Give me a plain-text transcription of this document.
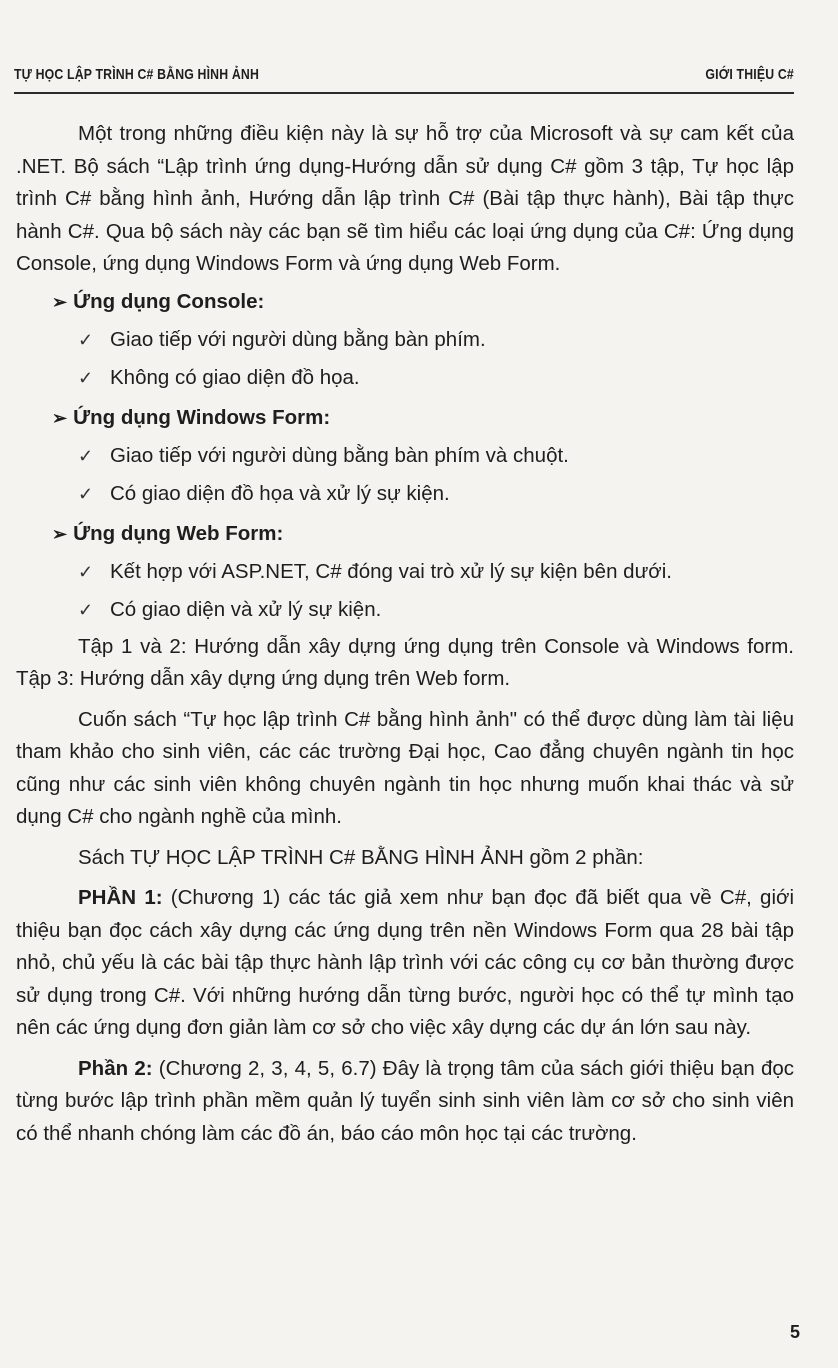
TỰ HỌC LẬP TRÌNH C# BẰNG HÌNH ẢNH	GIỚI THIỆU C#

Một trong những điều kiện này là sự hỗ trợ của Microsoft và sự cam kết của .NET. Bộ sách “Lập trình ứng dụng-Hướng dẫn sử dụng C# gồm 3 tập, Tự học lập trình C# bằng hình ảnh, Hướng dẫn lập trình C# (Bài tập thực hành), Bài tập thực hành C#. Qua bộ sách này các bạn sẽ tìm hiểu các loại ứng dụng của C#: Ứng dụng Console, ứng dụng Windows Form và ứng dụng Web Form.

➢ Ứng dụng Console:

✓ Giao tiếp với người dùng bằng bàn phím.

✓ Không có giao diện đồ họa.

➢ Ứng dụng Windows Form:

✓ Giao tiếp với người dùng bằng bàn phím và chuột.

✓ Có giao diện đồ họa và xử lý sự kiện.

➢ Ứng dụng Web Form:

✓ Kết hợp với ASP.NET, C# đóng vai trò xử lý sự kiện bên dưới.

✓ Có giao diện và xử lý sự kiện.

Tập 1 và 2: Hướng dẫn xây dựng ứng dụng trên Console và Windows form. Tập 3: Hướng dẫn xây dựng ứng dụng trên Web form.

Cuốn sách “Tự học lập trình C# bằng hình ảnh" có thể được dùng làm tài liệu tham khảo cho sinh viên, các các trường Đại học, Cao đẳng chuyên ngành tin học cũng như các sinh viên không chuyên ngành tin học nhưng muốn khai thác và sử dụng C# cho ngành nghề của mình.

Sách TỰ HỌC LẬP TRÌNH C# BẰNG HÌNH ẢNH gồm 2 phần:

PHẦN 1: (Chương 1) các tác giả xem như bạn đọc đã biết qua về C#, giới thiệu bạn đọc cách xây dựng các ứng dụng trên nền Windows Form qua 28 bài tập nhỏ, chủ yếu là các bài tập thực hành lập trình với các công cụ cơ bản thường được sử dụng trong C#. Với những hướng dẫn từng bước, người học có thể tự mình tạo nên các ứng dụng đơn giản làm cơ sở cho việc xây dựng các dự án lớn sau này.

Phần 2: (Chương 2, 3, 4, 5, 6.7) Đây là trọng tâm của sách giới thiệu bạn đọc từng bước lập trình phần mềm quản lý tuyển sinh sinh viên làm cơ sở cho sinh viên có thể nhanh chóng làm các đồ án, báo cáo môn học tại các trường.

5
